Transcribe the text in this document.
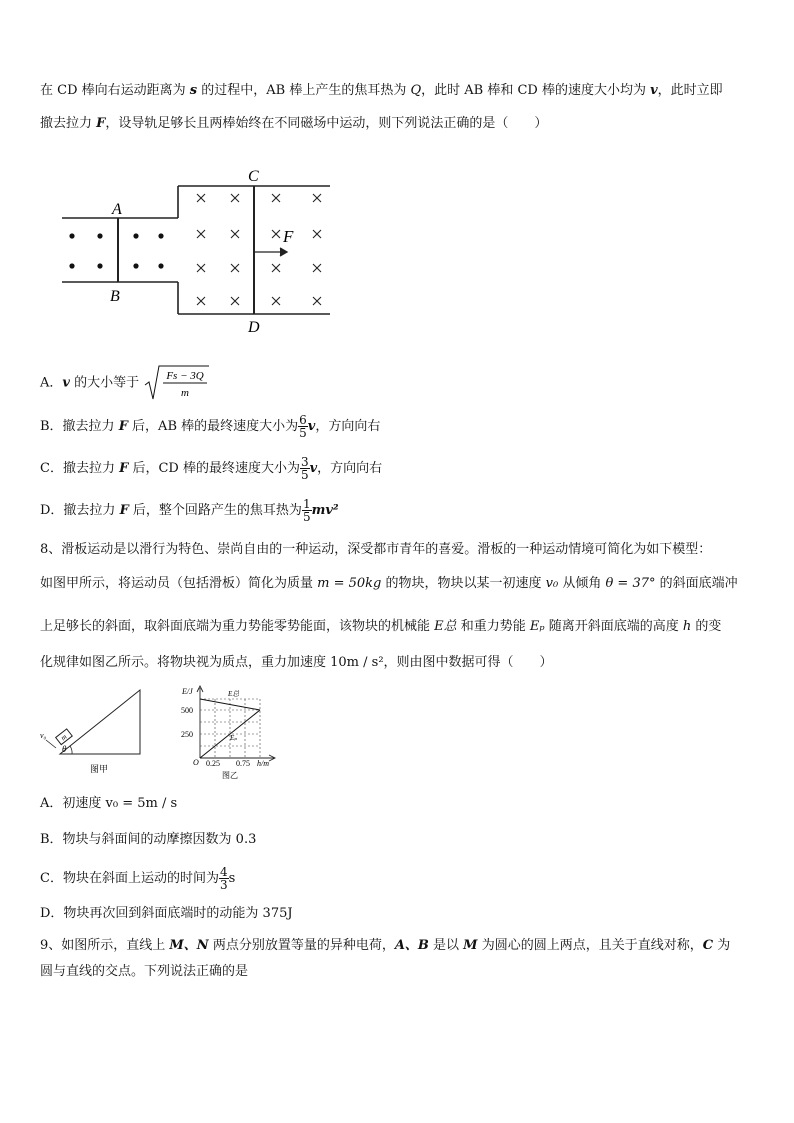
在 CD 棒向右运动距离为 s 的过程中，AB 棒上产生的焦耳热为 Q，此时 AB 棒和 CD 棒的速度大小均为 v，此时立即
撤去拉力 F，设导轨足够长且两棒始终在不同磁场中运动，则下列说法正确的是（　　）
F
A
B
C
D
A．v 的大小等于 Fs − 3Q
m
B．撤去拉力 F 后，AB 棒的最终速度大小为 $\frac{6}{5}$ v，方向向右
C．撤去拉力 F 后，CD 棒的最终速度大小为 $\frac{3}{5}$ v，方向向右
D．撤去拉力 F 后，整个回路产生的焦耳热为 $\frac{1}{5} mv^2$
8、滑板运动是以滑行为特色、崇尚自由的一种运动，深受都市青年的喜爱。滑板的一种运动情境可简化为如下模型：
如图甲所示，将运动员（包括滑板）简化为质量 m = 50kg 的物块，物块以某一初速度 v₀ 从倾角 θ = 37° 的斜面底端冲
上足够长的斜面，取斜面底端为重力势能零势能面，该物块的机械能 E总 和重力势能 Eₚ 随离开斜面底端的高度 h 的变
化规律如图乙所示。将物块视为质点，重力加速度 10m / s²，则由图中数据可得（　　）
m
v₀
θ
图甲
E/J
500
250
O 0.25 0.75 h/m
E总
Eₚ
图乙
A．初速度 v₀ = 5m / s
B．物块与斜面间的动摩擦因数为 0.3
C．物块在斜面上运动的时间为 $\frac{4}{3}$ s
D．物块再次回到斜面底端时的动能为 375J
9、如图所示，直线上 M、N 两点分别放置等量的异种电荷，A、B 是以 M 为圆心的圆上两点，且关于直线对称，C 为
圆与直线的交点。下列说法正确的是
